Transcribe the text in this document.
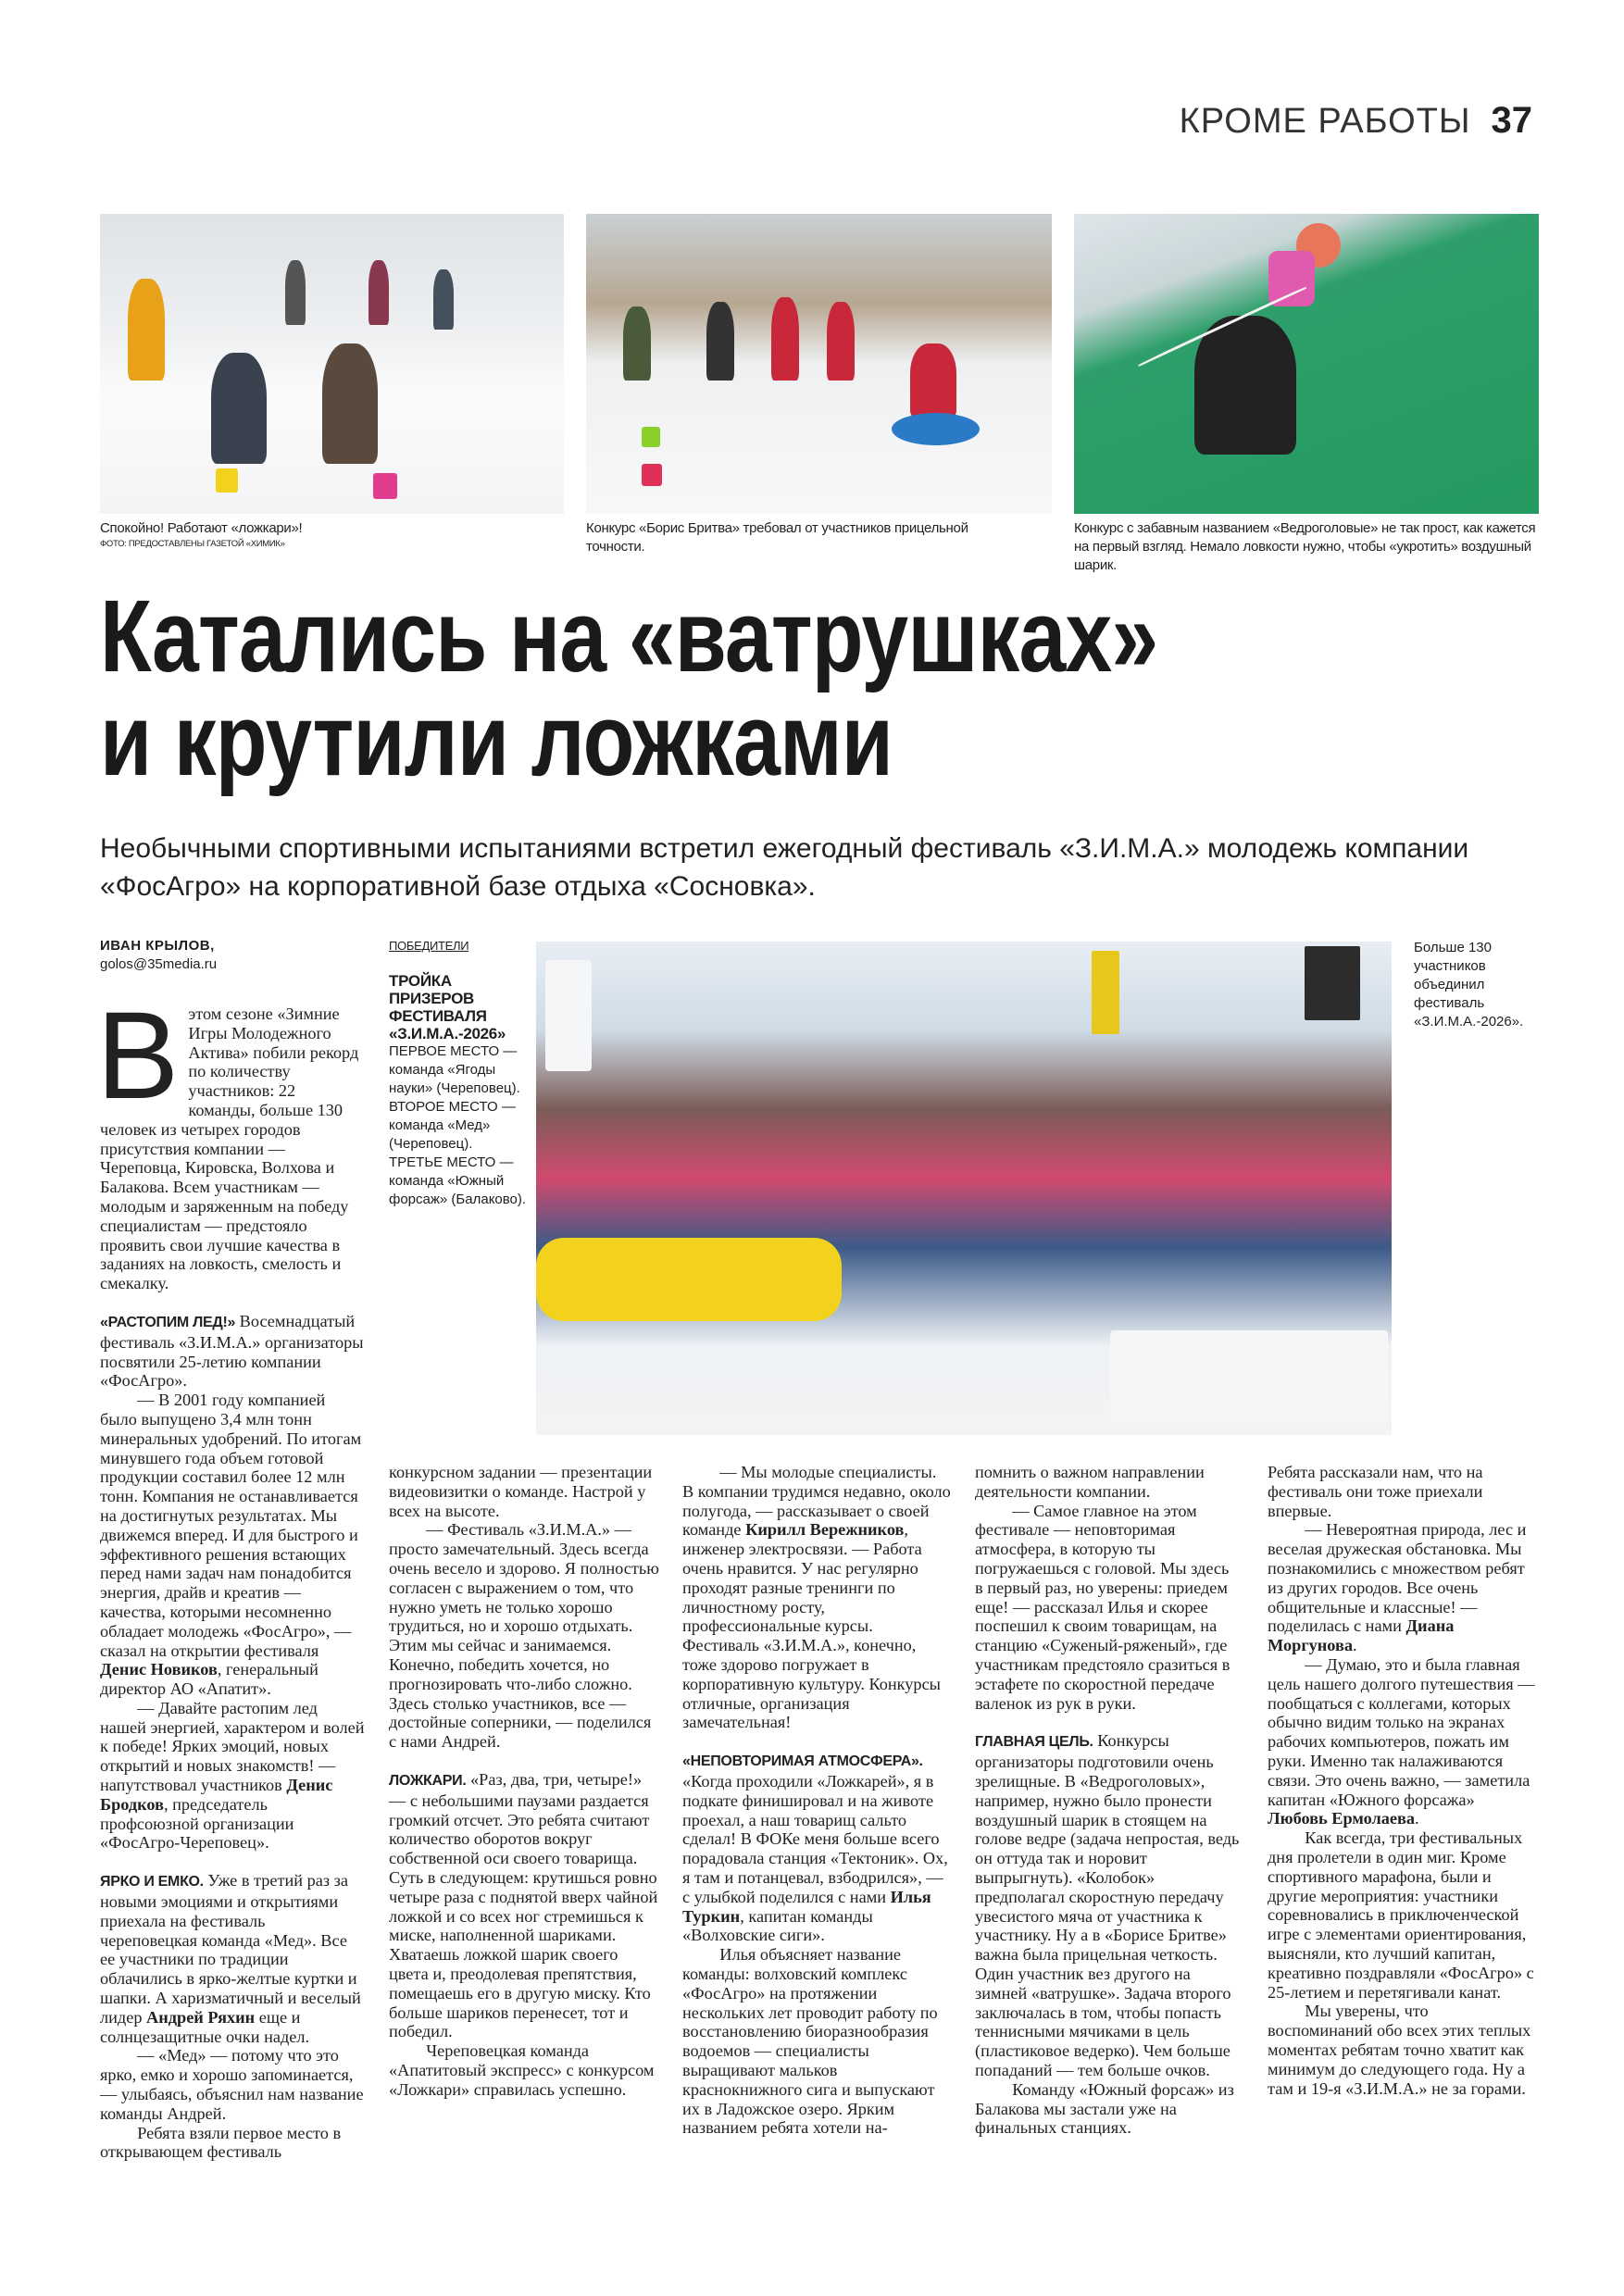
КРОМЕ РАБОТЫ 37
Спокойно! Работают «ложкари»!
ФОТО: ПРЕДОСТАВЛЕНЫ ГАЗЕТОЙ «ХИМИК»
Конкурс «Борис Бритва» требовал от участников прицельной точности.
Конкурс с забавным названием «Ведроголовые» не так прост, как кажется на первый взгляд. Немало ловкости нужно, чтобы «укротить» воздушный шарик.
Катались на «ватрушках»
и крутили ложками
Необычными спортивными испытаниями встретил ежегодный фестиваль «З.И.М.А.» молодежь компании «ФосАгро» на корпоративной базе отдыха «Сосновка».
ИВАН КРЫЛОВ,
golos@35media.ru
ПОБЕДИТЕЛИ
ТРОЙКА ПРИЗЕРОВ ФЕСТИВАЛЯ «З.И.М.А.-2026»
ПЕРВОЕ МЕСТО — команда «Ягоды науки» (Череповец).
ВТОРОЕ МЕСТО — команда «Мед» (Череповец).
ТРЕТЬЕ МЕСТО — команда «Южный форсаж» (Балаково).
Больше 130 участников объединил фестиваль «З.И.М.А.-2026».

Вэтом сезоне «Зимние Игры Молодежного Актива» побили рекорд по количеству участников: 22 команды, больше 130 человек из четырех городов присутствия компании — Череповца, Кировска, Волхова и Балакова. Всем участникам — молодым и заряженным на победу специалистам — предстояло проявить свои лучшие качества в заданиях на ловкость, смелость и смекалку.

«РАСТОПИМ ЛЕД!» Восемнадцатый фестиваль «З.И.М.А.» организаторы посвятили 25-летию компании «ФосАгро».

— В 2001 году компанией было выпущено 3,4 млн тонн минеральных удобрений. По итогам минувшего года объем готовой продукции составил более 12 млн тонн. Компания не останавливается на достигнутых результатах. Мы движемся вперед. И для быстрого и эффективного решения встающих перед нами задач нам понадобится энергия, драйв и креатив — качества, которыми несомненно обладает молодежь «ФосАгро», — сказал на открытии фестиваля Денис Новиков, генеральный директор АО «Апатит».

— Давайте растопим лед нашей энергией, характером и волей к победе! Ярких эмоций, новых открытий и новых знакомств! — напутствовал участников Денис Бродков, председатель профсоюзной организации «ФосАгро-Череповец».

ЯРКО И ЕМКО. Уже в третий раз за новыми эмоциями и открытиями приехала на фестиваль череповецкая команда «Мед». Все ее участники по традиции облачились в ярко-желтые куртки и шапки. А харизматичный и веселый лидер Андрей Ряхин еще и солнцезащитные очки надел.

— «Мед» — потому что это ярко, емко и хорошо запоминается, — улыбаясь, объяснил нам название команды Андрей.

Ребята взяли первое место в открывающем фестиваль

конкурсном задании — презентации видеовизитки о команде. Настрой у всех на высоте.

— Фестиваль «З.И.М.А.» — просто замечательный. Здесь всегда очень весело и здорово. Я полностью согласен с выражением о том, что нужно уметь не только хорошо трудиться, но и хорошо отдыхать. Этим мы сейчас и занимаемся. Конечно, победить хочется, но прогнозировать что-либо сложно. Здесь столько участников, все — достойные соперники, — поделился с нами Андрей.

ЛОЖКАРИ. «Раз, два, три, четыре!» — с небольшими паузами раздается громкий отсчет. Это ребята считают количество оборотов вокруг собственной оси своего товарища. Суть в следующем: крутишься ровно четыре раза с поднятой вверх чайной ложкой и со всех ног стремишься к миске, наполненной шариками. Хватаешь ложкой шарик своего цвета и, преодолевая препятствия, помещаешь его в другую миску. Кто больше шариков перенесет, тот и победил.

Череповецкая команда «Апатитовый экспресс» с конкурсом «Ложкари» справилась успешно.

— Мы молодые специалисты. В компании трудимся недавно, около полугода, — рассказывает о своей команде Кирилл Вережников, инженер электросвязи. — Работа очень нравится. У нас регулярно проходят разные тренинги по личностному росту, профессиональные курсы. Фестиваль «З.И.М.А.», конечно, тоже здорово погружает в корпоративную культуру. Конкурсы отличные, организация замечательная!

«НЕПОВТОРИМАЯ АТМОСФЕРА». «Когда проходили «Ложкарей», я в подкате финишировал и на животе проехал, а наш товарищ сальто сделал! В ФОКе меня больше всего порадовала станция «Тектоник». Ох, я там и потанцевал, взбодрился», — с улыбкой поделился с нами Илья Туркин, капитан команды «Волховские сиги».

Илья объясняет название команды: волховский комплекс «ФосАгро» на протяжении нескольких лет проводит работу по восстановлению биоразнообразия водоемов — специалисты выращивают мальков краснокнижного сига и выпускают их в Ладожское озеро. Ярким названием ребята хотели на-

помнить о важном направлении деятельности компании.

— Самое главное на этом фестивале — неповторимая атмосфера, в которую ты погружаешься с головой. Мы здесь в первый раз, но уверены: приедем еще! — рассказал Илья и скорее поспешил к своим товарищам, на станцию «Суженый-ряженый», где участникам предстояло сразиться в эстафете по скоростной передаче валенок из рук в руки.

ГЛАВНАЯ ЦЕЛЬ. Конкурсы организаторы подготовили очень зрелищные. В «Ведроголовых», например, нужно было пронести воздушный шарик в стоящем на голове ведре (задача непростая, ведь он оттуда так и норовит выпрыгнуть). «Колобок» предполагал скоростную передачу увесистого мяча от участника к участнику. Ну а в «Борисе Бритве» важна была прицельная четкость. Один участник вез другого на зимней «ватрушке». Задача второго заключалась в том, чтобы попасть теннисными мячиками в цель (пластиковое ведерко). Чем больше попаданий — тем больше очков.

Команду «Южный форсаж» из Балакова мы застали уже на финальных станциях.

Ребята рассказали нам, что на фестиваль они тоже приехали впервые.

— Невероятная природа, лес и веселая дружеская обстановка. Мы познакомились с множеством ребят из других городов. Все очень общительные и классные! — поделилась с нами Диана Моргунова.

— Думаю, это и была главная цель нашего долгого путешествия — пообщаться с коллегами, которых обычно видим только на экранах рабочих компьютеров, пожать им руки. Именно так налаживаются связи. Это очень важно, — заметила капитан «Южного форсажа» Любовь Ермолаева.

Как всегда, три фестивальных дня пролетели в один миг. Кроме спортивного марафона, были и другие мероприятия: участники соревновались в приключенческой игре с элементами ориентирования, выясняли, кто лучший капитан, креативно поздравляли «ФосАгро» с 25-летием и перетягивали канат.

Мы уверены, что воспоминаний обо всех этих теплых моментах ребятам точно хватит как минимум до следующего года. Ну а там и 19-я «З.И.М.А.» не за горами.
